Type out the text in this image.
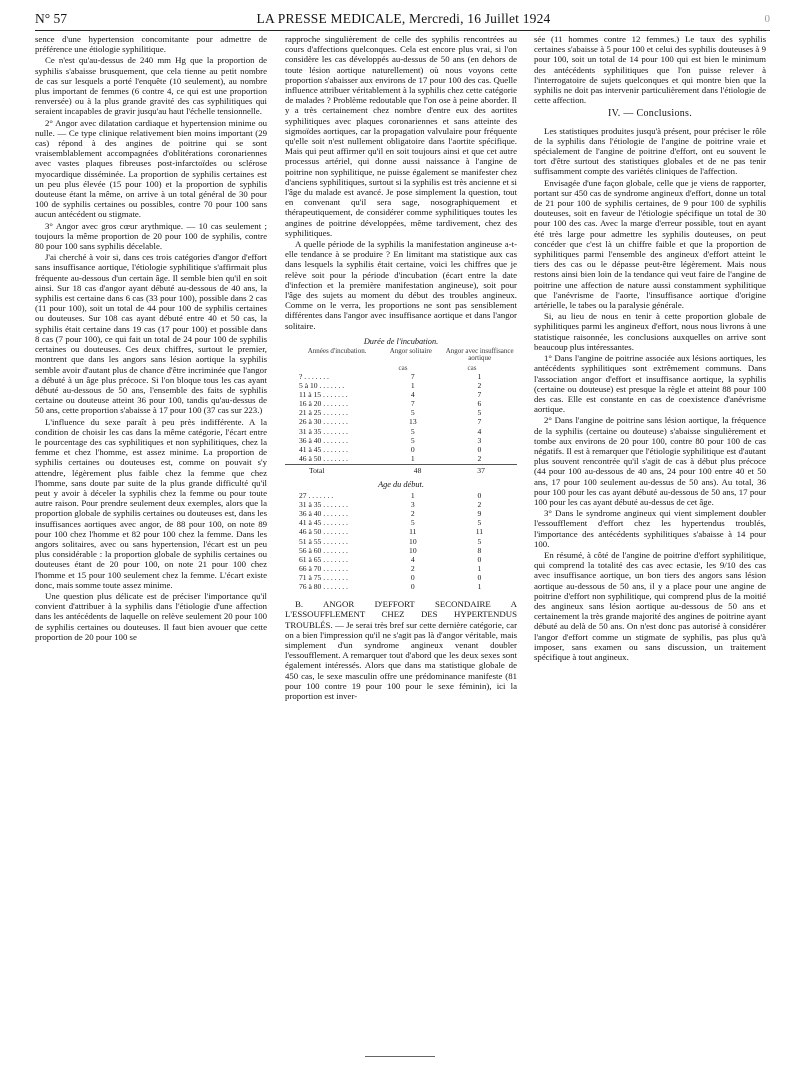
N° 57	LA PRESSE MEDICALE, Mercredi, 16 Juillet 1924	0

sence d'une hypertension concomitante pour admettre de préférence une étiologie syphilitique.

Ce n'est qu'au-dessus de 240 mm Hg que la proportion de syphilis s'abaisse brusquement, que cela tienne au petit nombre de cas sur lesquels a porté l'enquête (10 seulement), au nombre plus important de femmes (6 contre 4, ce qui est une proportion renversée) ou à la plus grande gravité des cas syphilitiques qui seraient incapables de gravir jusqu'au haut l'échelle tensionnelle.

2° Angor avec dilatation cardiaque et hypertension minime ou nulle. — Ce type clinique relativement bien moins important (29 cas) répond à des angines de poitrine qui se sont vraisemblablement accompagnées d'oblitérations coronariennes avec vastes plaques fibreuses post-infarctoïdes ou sclérose myocardique disséminée. La proportion de syphilis certaines est un peu plus élevée (15 pour 100) et la proportion de syphilis douteuse étant la même, on arrive à un total général de 30 pour 100 de syphilis certaines ou possibles, contre 70 pour 100 sans aucun antécédent ou stigmate.

3° Angor avec gros cœur arythmique. — 10 cas seulement ; toujours la même proportion de 20 pour 100 de syphilis, contre 80 pour 100 sans syphilis décelable.

J'ai cherché à voir si, dans ces trois catégories d'angor d'effort sans insuffisance aortique, l'étiologie syphilitique s'affirmait plus fréquente au-dessous d'un certain âge. Il semble bien qu'il en soit ainsi. Sur 18 cas d'angor ayant débuté au-dessous de 40 ans, la syphilis est certaine dans 6 cas (33 pour 100), possible dans 2 cas (11 pour 100), soit un total de 44 pour 100 de syphilis certaines ou douteuses. Sur 108 cas ayant débuté entre 40 et 50 cas, la syphilis était certaine dans 19 cas (17 pour 100) et possible dans 8 cas (7 pour 100), ce qui fait un total de 24 pour 100 de syphilis certaines ou douteuses. Ces deux chiffres, surtout le premier, montrent que dans les angors sans lésion aortique la syphilis semble avoir d'autant plus de chance d'être incriminée que l'angor a débuté à un âge plus précoce. Si l'on bloque tous les cas ayant débuté au-dessous de 50 ans, l'ensemble des faits de syphilis certaine ou douteuse atteint 36 pour 100, tandis qu'au-dessus de 50 ans, cette proportion s'abaisse à 17 pour 100 (37 cas sur 223.)

L'influence du sexe paraît à peu près indifférente. A la condition de choisir les cas dans la même catégorie, l'écart entre le pourcentage des cas syphilitiques et non syphilitiques, chez la femme et chez l'homme, est assez minime. La proportion de syphilis certaines ou douteuses est, comme on pouvait s'y attendre, légèrement plus faible chez la femme que chez l'homme, sans doute par suite de la plus grande difficulté qu'il peut y avoir à déceler la syphilis chez la femme ou pour toute autre raison. Pour prendre seulement deux exemples, alors que la proportion globale de syphilis certaines ou douteuses est, dans les insuffisances aortiques avec angor, de 88 pour 100, on note 89 pour 100 chez l'homme et 82 pour 100 chez la femme. Dans les angors solitaires, avec ou sans hypertension, l'écart est un peu plus considérable : la proportion globale de syphilis certaines ou douteuses étant de 20 pour 100, on note 21 pour 100 chez l'homme et 15 pour 100 seulement chez la femme. L'écart existe donc, mais somme toute assez minime.

Une question plus délicate est de préciser l'importance qu'il convient d'attribuer à la syphilis dans l'étiologie d'une affection dans les antécédents de laquelle on relève seulement 20 pour 100 de syphilis certaines ou douteuses. Il faut bien avouer que cette proportion de 20 pour 100 se

rapproche singulièrement de celle des syphilis rencontrées au cours d'affections quelconques. Cela est encore plus vrai, si l'on considère les cas développés au-dessus de 50 ans (en dehors de toute lésion aortique naturellement) où nous voyons cette proportion s'abaisser aux environs de 17 pour 100 des cas. Quelle influence attribuer véritablement à la syphilis chez cette catégorie de malades ? Problème redoutable que l'on ose à peine aborder. Il y a très certainement chez nombre d'entre eux des aortites syphilitiques avec plaques coronariennes et sans atteinte des sigmoïdes aortiques, car la propagation valvulaire pour fréquente qu'elle soit n'est nullement obligatoire dans l'aortite spécifique. Mais qui peut affirmer qu'il en soit toujours ainsi et que cet autre processus artériel, qui donne aussi naissance à l'angine de poitrine non syphilitique, ne puisse également se manifester chez d'anciens syphilitiques, surtout si la syphilis est très ancienne et si l'âge du malade est avancé. Je pose simplement la question, tout en convenant qu'il sera sage, nosographiquement et thérapeutiquement, de considérer comme syphilitiques toutes les angines de poitrine développées, même tardivement, chez des syphilitiques.

A quelle période de la syphilis la manifestation angineuse a-t-elle tendance à se produire ? En limitant ma statistique aux cas dans lesquels la syphilis était certaine, voici les chiffres que je relève soit pour la période d'incubation (écart entre la date d'infection et la première manifestation angineuse), soit pour l'âge des sujets au moment du début des troubles angineux. Comme on le verra, les proportions ne sont pas sensiblement différentes dans l'angor avec insuffisance aortique et dans l'angor solitaire.

Durée de l'incubation.
Années d'incubation.	Angor solitaire	Angor avec insuffisance aortique
cas	cas
? . . . . . . .	7	1
5 à 10 . . . . . . .	1	2
11 à 15 . . . . . . .	4	7
16 à 20 . . . . . . .	7	6
21 à 25 . . . . . . .	5	5
26 à 30 . . . . . . .	13	7
31 à 35 . . . . . . .	5	4
36 à 40 . . . . . . .	5	3
41 à 45 . . . . . . .	0	0
46 à 50 . . . . . . .	1	2
Total	48	37
Age du début.
27 . . . . . . .	1	0
31 à 35 . . . . . . .	3	2
36 à 40 . . . . . . .	2	9
41 à 45 . . . . . . .	5	5
46 à 50 . . . . . . .	11	11
51 à 55 . . . . . . .	10	5
56 à 60 . . . . . . .	10	8
61 à 65 . . . . . . .	4	0
66 à 70 . . . . . . .	2	1
71 à 75 . . . . . . .	0	0
76 à 80 . . . . . . .	0	1

B. ANGOR D'EFFORT SECONDAIRE A L'ESSOUFFLEMENT CHEZ DES HYPERTENDUS TROUBLÉS. — Je serai très bref sur cette dernière catégorie, car on a bien l'impression qu'il ne s'agit pas là d'angor véritable, mais simplement d'un syndrome angineux venant doubler l'essoufflement. A remarquer tout d'abord que les deux sexes sont également intéressés. Alors que dans ma statistique globale de 450 cas, le sexe masculin offre une prédominance manifeste (81 pour 100 contre 19 pour 100 pour le sexe féminin), ici la proportion est inver-

sée (11 hommes contre 12 femmes.) Le taux des syphilis certaines s'abaisse à 5 pour 100 et celui des syphilis douteuses à 9 pour 100, soit un total de 14 pour 100 qui est bien le minimum des antécédents syphilitiques que l'on puisse relever à l'interrogatoire de sujets quelconques et qui montre bien que la syphilis ne doit pas intervenir particulièrement dans l'étiologie de cette affection.

IV. — Conclusions.

Les statistiques produites jusqu'à présent, pour préciser le rôle de la syphilis dans l'étiologie de l'angine de poitrine vraie et spécialement de l'angine de poitrine d'effort, ont eu souvent le tort d'être surtout des statistiques globales et de ne pas tenir suffisamment compte des variétés cliniques de l'affection.

Envisagée d'une façon globale, celle que je viens de rapporter, portant sur 450 cas de syndrome angineux d'effort, donne un total de 21 pour 100 de syphilis certaines, de 9 pour 100 de syphilis douteuses, soit en faveur de l'étiologie spécifique un total de 30 pour 100 des cas. Avec la marge d'erreur possible, tout en ayant été très large pour admettre les syphilis douteuses, on peut concéder que c'est là un chiffre faible et que la proportion de syphilitiques parmi l'ensemble des angineux d'effort atteint le tiers des cas ou le dépasse peut-être légèrement. Mais nous restons ainsi bien loin de la tendance qui veut faire de l'angine de poitrine une affection de nature aussi constamment syphilitique que l'anévrisme de l'aorte, l'insuffisance aortique d'origine artérielle, le tabes ou la paralysie générale.

Si, au lieu de nous en tenir à cette proportion globale de syphilitiques parmi les angineux d'effort, nous nous livrons à une statistique raisonnée, les conclusions auxquelles on arrive sont beaucoup plus intéressantes.

1° Dans l'angine de poitrine associée aux lésions aortiques, les antécédents syphilitiques sont extrêmement communs. Dans l'association angor d'effort et insuffisance aortique, la syphilis (certaine ou douteuse) est presque la règle et atteint 88 pour 100 des cas. Elle est constante en cas de coexistence d'anévrisme aortique.

2° Dans l'angine de poitrine sans lésion aortique, la fréquence de la syphilis (certaine ou douteuse) s'abaisse singulièrement et tombe aux environs de 20 pour 100, contre 80 pour 100 de cas négatifs. Il est à remarquer que l'étiologie syphilitique est d'autant plus souvent rencontrée qu'il s'agit de cas à début plus précoce (44 pour 100 au-dessous de 40 ans, 24 pour 100 entre 40 et 50 ans, 17 pour 100 seulement au-dessus de 50 ans). Au total, 36 pour 100 pour les cas ayant débuté au-dessous de 50 ans, 17 pour 100 pour les cas ayant débuté au-dessus de cet âge.

3° Dans le syndrome angineux qui vient simplement doubler l'essoufflement d'effort chez les hypertendus troublés, l'importance des antécédents syphilitiques s'abaisse à 14 pour 100.

En résumé, à côté de l'angine de poitrine d'effort syphilitique, qui comprend la totalité des cas avec ectasie, les 9/10 des cas avec insuffisance aortique, un bon tiers des angors sans lésion aortique au-dessous de 50 ans, il y a place pour une angine de poitrine d'effort non syphilitique, qui comprend plus de la moitié des angineux sans lésion aortique au-dessous de 50 ans et certainement la très grande majorité des angines de poitrine ayant débuté au delà de 50 ans. On n'est donc pas autorisé à considérer l'angor d'effort comme un stigmate de syphilis, pas plus qu'à imposer, sans examen ou sans discussion, un traitement spécifique à tout angineux.
